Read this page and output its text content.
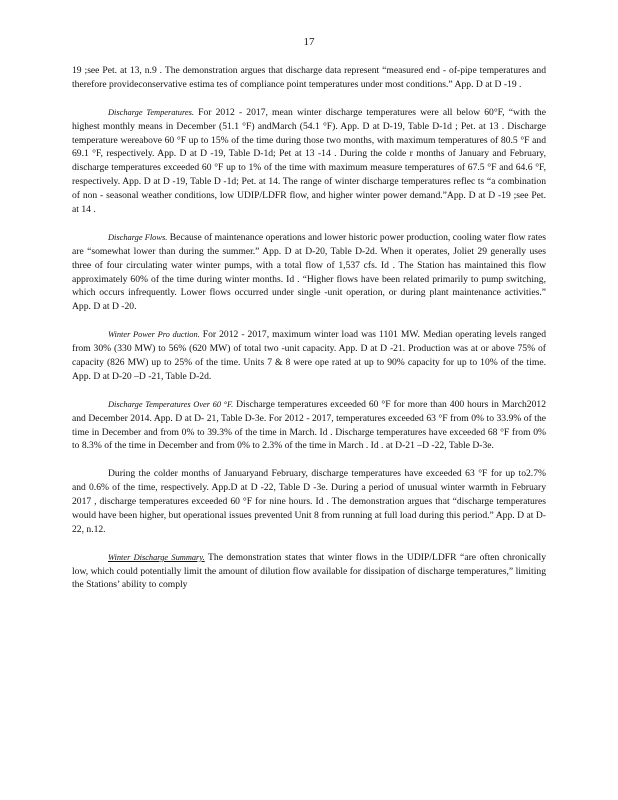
17

19 ;see Pet. at 13, n.9 . The demonstration argues that discharge data represent “measured end - of-pipe temperatures and therefore provideconservative estima tes of compliance point temperatures under most conditions.” App. D at D -19 .

Discharge Temperatures. For 2012 - 2017, mean winter discharge temperatures were all below 60°F, “with the highest monthly means in December (51.1 °F) andMarch (54.1 °F). App. D at D-19, Table D-1d ; Pet. at 13 . Discharge temperature wereabove 60 °F up to 15% of the time during those two months, with maximum temperatures of 80.5 °F and 69.1 °F, respectively. App. D at D -19, Table D-1d; Pet at 13 -14 . During the colde r months of January and February, discharge temperatures exceeded 60 °F up to 1% of the time with maximum measure temperatures of 67.5 °F and 64.6 °F, respectively. App. D at D -19, Table D -1d; Pet. at 14. The range of winter discharge temperatures reflec ts “a combination of non - seasonal weather conditions, low UDIP/LDFR flow, and higher winter power demand.”App. D at D -19 ;see Pet. at 14 .

Discharge Flows. Because of maintenance operations and lower historic power production, cooling water flow rates are “somewhat lower than during the summer.” App. D at D-20, Table D-2d. When it operates, Joliet 29 generally uses three of four circulating water winter pumps, with a total flow of 1,537 cfs. Id . The Station has maintained this flow approximately 60% of the time during winter months. Id . “Higher flows have been related primarily to pump switching, which occurs infrequently. Lower flows occurred under single -unit operation, or during plant maintenance activities.” App. D at D -20.

Winter Power Pro duction. For 2012 - 2017, maximum winter load was 1101 MW. Median operating levels ranged from 30% (330 MW) to 56% (620 MW) of total two -unit capacity. App. D at D -21. Production was at or above 75% of capacity (826 MW) up to 25% of the time. Units 7 & 8 were ope rated at up to 90% capacity for up to 10% of the time. App. D at D-20 –D -21, Table D-2d.

Discharge Temperatures Over 60 °F. Discharge temperatures exceeded 60 °F for more than 400 hours in March2012 and December 2014. App. D at D- 21, Table D-3e. For 2012 - 2017, temperatures exceeded 63 °F from 0% to 33.9% of the time in December and from 0% to 39.3% of the time in March. Id . Discharge temperatures have exceeded 68 °F from 0% to 8.3% of the time in December and from 0% to 2.3% of the time in March . Id . at D-21 –D -22, Table D-3e.

During the colder months of Januaryand February, discharge temperatures have exceeded 63 °F for up to2.7% and 0.6% of the time, respectively. App.D at D -22, Table D -3e. During a period of unusual winter warmth in February 2017 , discharge temperatures exceeded 60 °F for nine hours. Id . The demonstration argues that “discharge temperatures would have been higher, but operational issues prevented Unit 8 from running at full load during this period.” App. D at D-22, n.12.

Winter Discharge Summary. The demonstration states that winter flows in the UDIP/LDFR “are often chronically low, which could potentially limit the amount of dilution flow available for dissipation of discharge temperatures,” limiting the Stations’ ability to comply
